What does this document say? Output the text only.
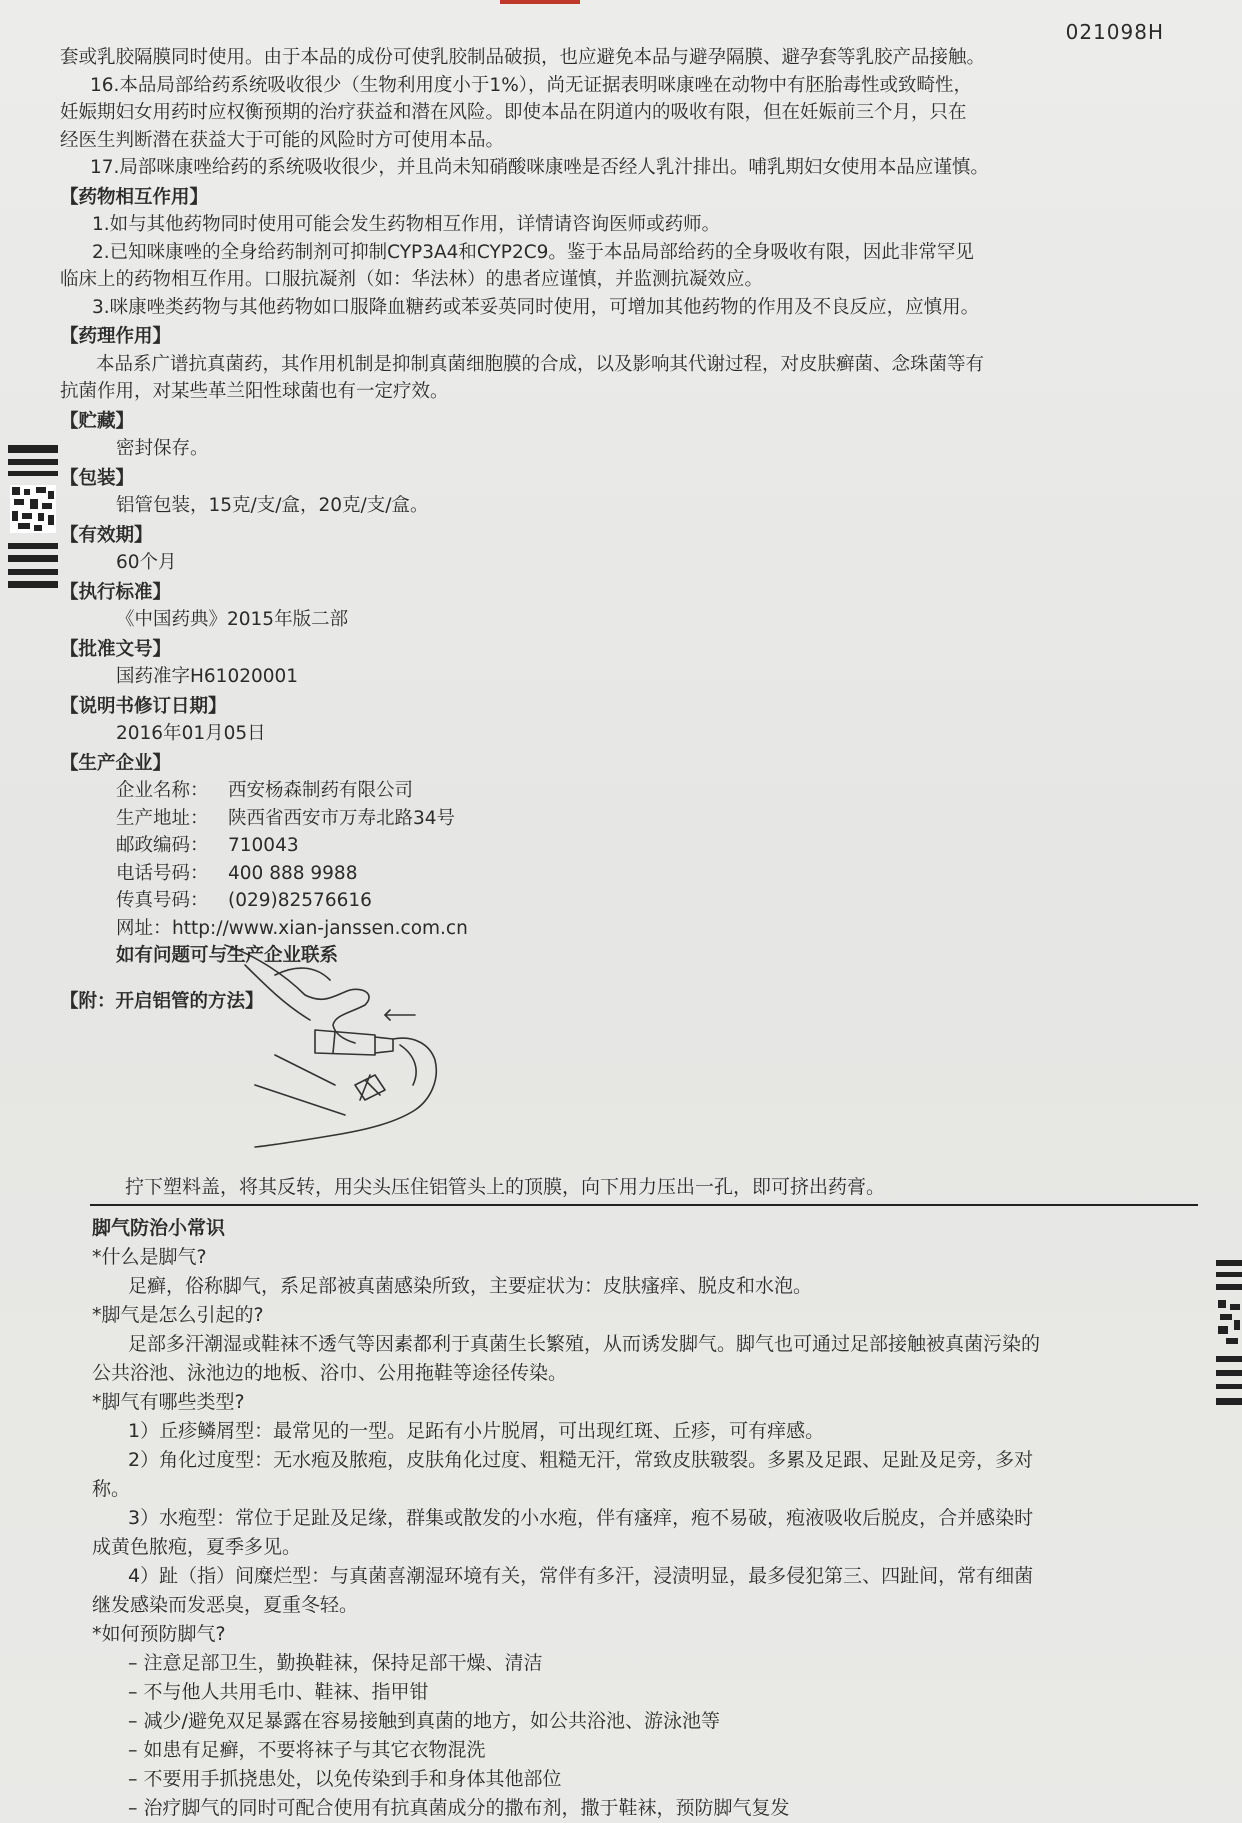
021098H

套或乳胶隔膜同时使用。由于本品的成份可使乳胶制品破损，也应避免本品与避孕隔膜、避孕套等乳胶产品接触。

16.本品局部给药系统吸收很少（生物利用度小于1%），尚无证据表明咪康唑在动物中有胚胎毒性或致畸性，

妊娠期妇女用药时应权衡预期的治疗获益和潜在风险。即使本品在阴道内的吸收有限，但在妊娠前三个月，只在

经医生判断潜在获益大于可能的风险时方可使用本品。

17.局部咪康唑给药的系统吸收很少，并且尚未知硝酸咪康唑是否经人乳汁排出。哺乳期妇女使用本品应谨慎。

【药物相互作用】

1.如与其他药物同时使用可能会发生药物相互作用，详情请咨询医师或药师。

2.已知咪康唑的全身给药制剂可抑制CYP3A4和CYP2C9。鉴于本品局部给药的全身吸收有限，因此非常罕见

临床上的药物相互作用。口服抗凝剂（如：华法林）的患者应谨慎，并监测抗凝效应。

3.咪康唑类药物与其他药物如口服降血糖药或苯妥英同时使用，可增加其他药物的作用及不良反应，应慎用。

【药理作用】

本品系广谱抗真菌药，其作用机制是抑制真菌细胞膜的合成，以及影响其代谢过程，对皮肤癣菌、念珠菌等有

抗菌作用，对某些革兰阳性球菌也有一定疗效。

【贮藏】

密封保存。

【包装】

铝管包装，15克/支/盒，20克/支/盒。

【有效期】

60个月

【执行标准】

《中国药典》2015年版二部

【批准文号】

国药准字H61020001

【说明书修订日期】

2016年01月05日

【生产企业】

企业名称：	西安杨森制药有限公司
生产地址：	陕西省西安市万寿北路34号
邮政编码：	710043
电话号码：	400 888 9988
传真号码：	(029)82576616
网址： http://www.xian-janssen.com.cn

如有问题可与生产企业联系

【附：开启铝管的方法】

拧下塑料盖，将其反转，用尖头压住铝管头上的顶膜，向下用力压出一孔，即可挤出药膏。

脚气防治小常识

*什么是脚气?

足癣，俗称脚气，系足部被真菌感染所致，主要症状为：皮肤瘙痒、脱皮和水泡。

*脚气是怎么引起的?

足部多汗潮湿或鞋袜不透气等因素都利于真菌生长繁殖，从而诱发脚气。脚气也可通过足部接触被真菌污染的

公共浴池、泳池边的地板、浴巾、公用拖鞋等途径传染。

*脚气有哪些类型?

1）丘疹鳞屑型：最常见的一型。足跖有小片脱屑，可出现红斑、丘疹，可有痒感。

2）角化过度型：无水疱及脓疱，皮肤角化过度、粗糙无汗，常致皮肤皲裂。多累及足跟、足趾及足旁，多对

称。

3）水疱型：常位于足趾及足缘，群集或散发的小水疱，伴有瘙痒，疱不易破，疱液吸收后脱皮，合并感染时

成黄色脓疱，夏季多见。

4）趾（指）间糜烂型：与真菌喜潮湿环境有关，常伴有多汗，浸渍明显，最多侵犯第三、四趾间，常有细菌

继发感染而发恶臭，夏重冬轻。

*如何预防脚气?

– 注意足部卫生，勤换鞋袜，保持足部干燥、清洁

– 不与他人共用毛巾、鞋袜、指甲钳

– 减少/避免双足暴露在容易接触到真菌的地方，如公共浴池、游泳池等

– 如患有足癣，不要将袜子与其它衣物混洗

– 不要用手抓挠患处，以免传染到手和身体其他部位

– 治疗脚气的同时可配合使用有抗真菌成分的撒布剂，撒于鞋袜，预防脚气复发
